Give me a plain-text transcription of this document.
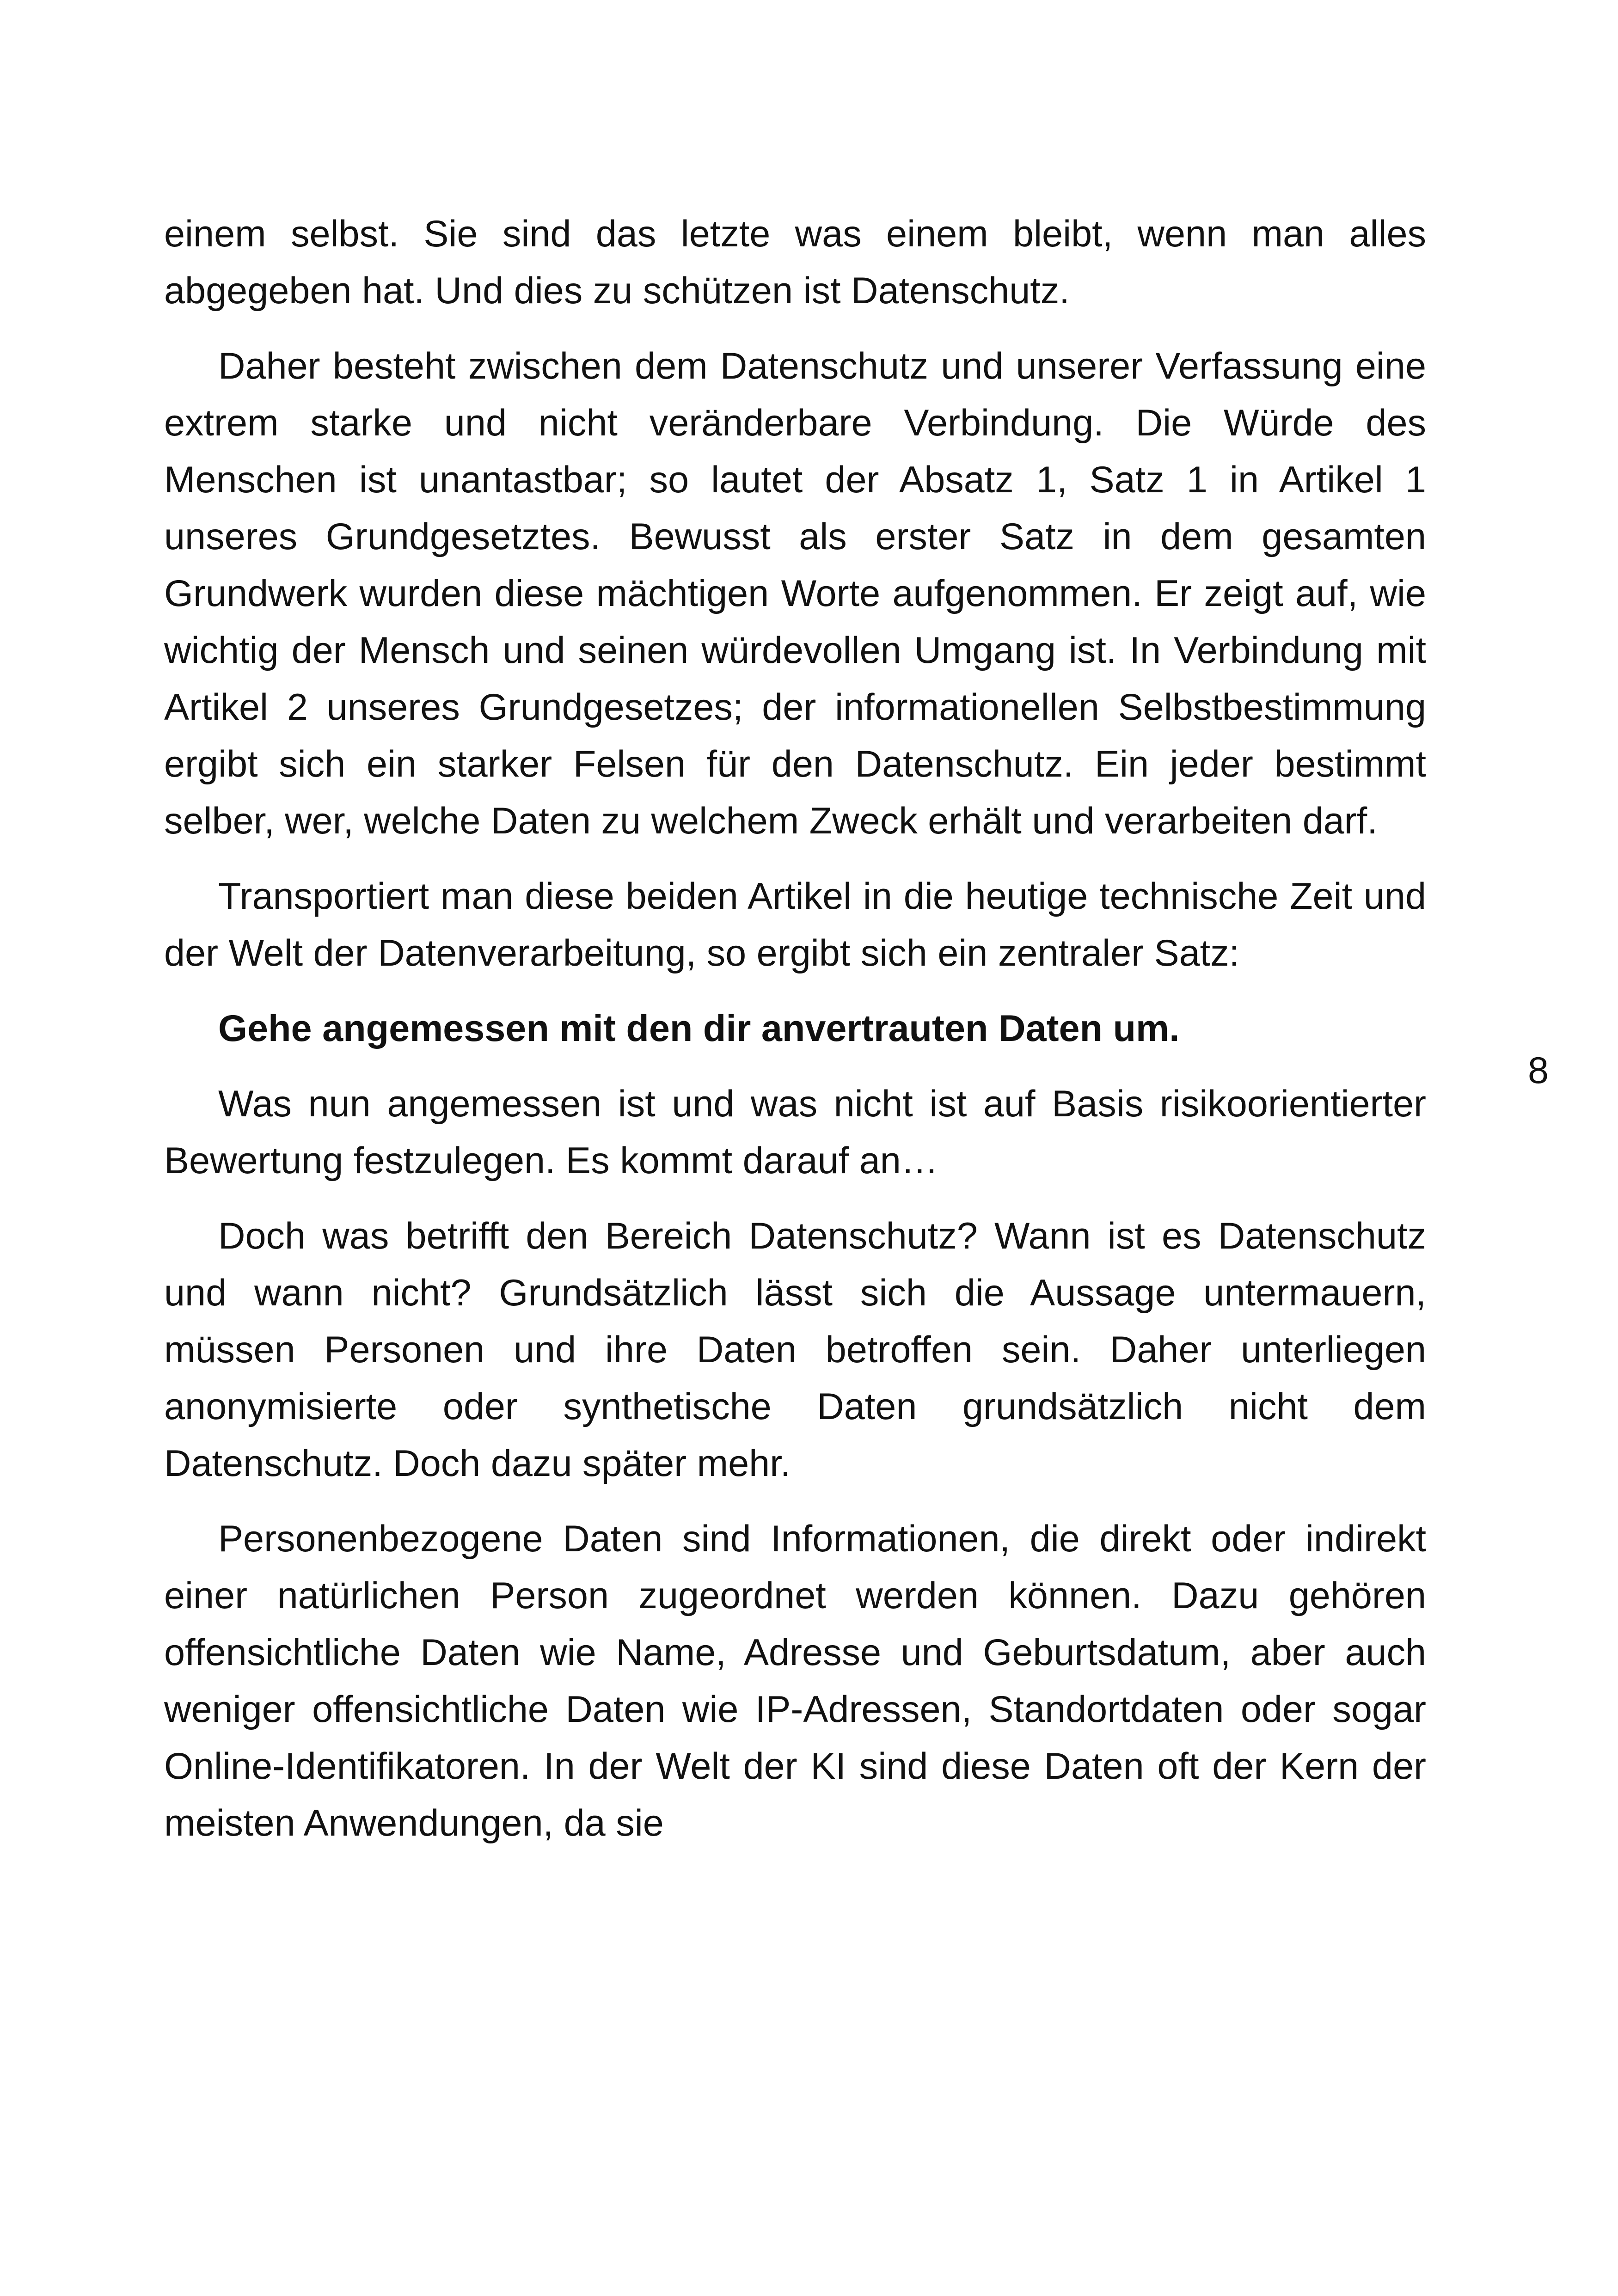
einem selbst. Sie sind das letzte was einem bleibt, wenn man alles abgegeben hat. Und dies zu schützen ist Datenschutz.

Daher besteht zwischen dem Datenschutz und unserer Verfassung eine extrem starke und nicht veränderbare Verbindung. Die Würde des Menschen ist unantastbar; so lautet der Absatz 1, Satz 1 in Artikel 1 unseres Grundgesetztes. Bewusst als erster Satz in dem gesamten Grundwerk wurden diese mächtigen Worte aufgenommen. Er zeigt auf, wie wichtig der Mensch und seinen würdevollen Umgang ist. In Verbindung mit Artikel 2 unseres Grundgesetzes; der informationellen Selbstbestimmung ergibt sich ein starker Felsen für den Datenschutz. Ein jeder bestimmt selber, wer, welche Daten zu welchem Zweck erhält und verarbeiten darf.

Transportiert man diese beiden Artikel in die heutige technische Zeit und der Welt der Datenverarbeitung, so ergibt sich ein zentraler Satz:

Gehe angemessen mit den dir anvertrauten Daten um.

Was nun angemessen ist und was nicht ist auf Basis risikoorientierter Bewertung festzulegen. Es kommt darauf an…

Doch was betrifft den Bereich Datenschutz? Wann ist es Datenschutz und wann nicht? Grundsätzlich lässt sich die Aussage untermauern, müssen Personen und ihre Daten betroffen sein. Daher unterliegen anonymisierte oder synthetische Daten grundsätzlich nicht dem Datenschutz. Doch dazu später mehr.

Personenbezogene Daten sind Informationen, die direkt oder indirekt einer natürlichen Person zugeordnet werden können. Dazu gehören offensichtliche Daten wie Name, Adresse und Geburtsdatum, aber auch weniger offensichtliche Daten wie IP-Adressen, Standortdaten oder sogar Online-Identifikatoren. In der Welt der KI sind diese Daten oft der Kern der meisten Anwendungen, da sie

8
